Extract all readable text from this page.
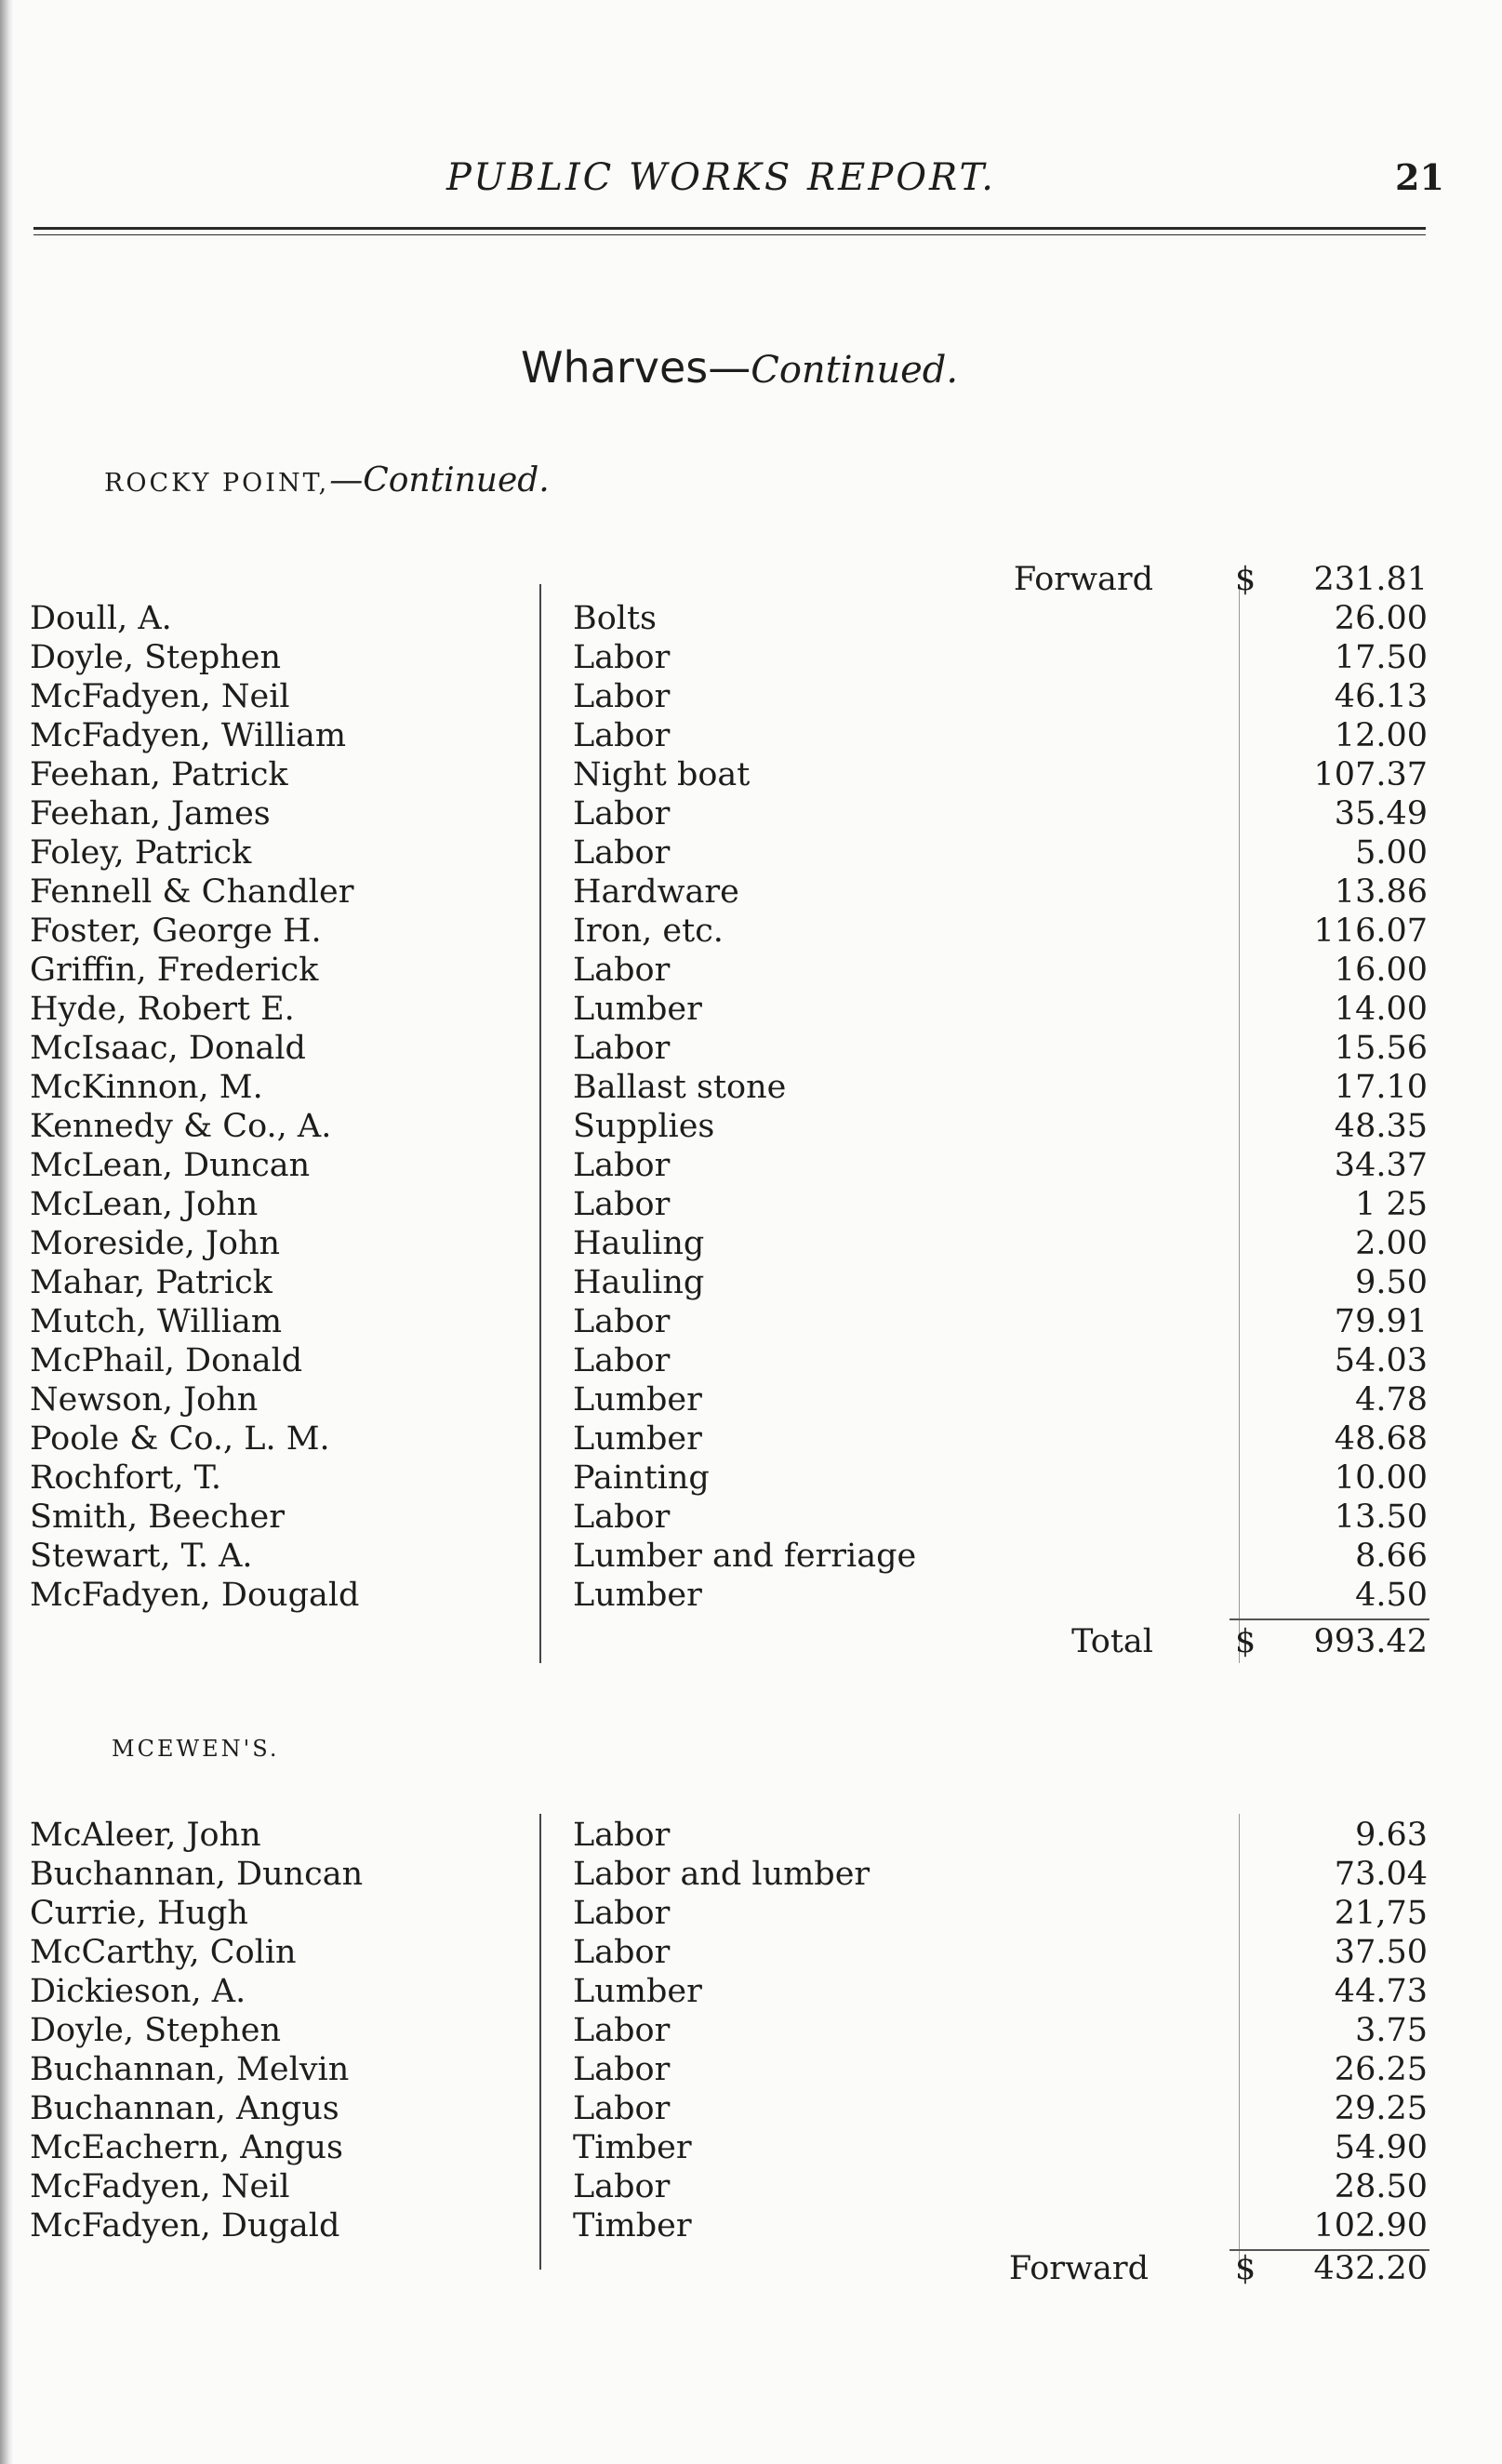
PUBLIC WORKS REPORT.	21
Wharves—Continued.
ROCKY POINT,—Continued.
Forward	$ 231.81
Doull, A.	Bolts	26.00
Doyle, Stephen	Labor	17.50
McFadyen, Neil	Labor	46.13
McFadyen, William	Labor	12.00
Feehan, Patrick	Night boat	107.37
Feehan, James	Labor	35.49
Foley, Patrick	Labor	5.00
Fennell & Chandler	Hardware	13.86
Foster, George H.	Iron, etc.	116.07
Griffin, Frederick	Labor	16.00
Hyde, Robert E.	Lumber	14.00
McIsaac, Donald	Labor	15.56
McKinnon, M.	Ballast stone	17.10
Kennedy & Co., A.	Supplies	48.35
McLean, Duncan	Labor	34.37
McLean, John	Labor	1 25
Moreside, John	Hauling	2.00
Mahar, Patrick	Hauling	9.50
Mutch, William	Labor	79.91
McPhail, Donald	Labor	54.03
Newson, John	Lumber	4.78
Poole & Co., L. M.	Lumber	48.68
Rochfort, T.	Painting	10.00
Smith, Beecher	Labor	13.50
Stewart, T. A.	Lumber and ferriage	8.66
McFadyen, Dougald	Lumber	4.50
Total	$ 993.42
MCEWEN'S.
McAleer, John	Labor	9.63
Buchannan, Duncan	Labor and lumber	73.04
Currie, Hugh	Labor	21,75
McCarthy, Colin	Labor	37.50
Dickieson, A.	Lumber	44.73
Doyle, Stephen	Labor	3.75
Buchannan, Melvin	Labor	26.25
Buchannan, Angus	Labor	29.25
McEachern, Angus	Timber	54.90
McFadyen, Neil	Labor	28.50
McFadyen, Dugald	Timber	102.90
Forward	$ 432.20
